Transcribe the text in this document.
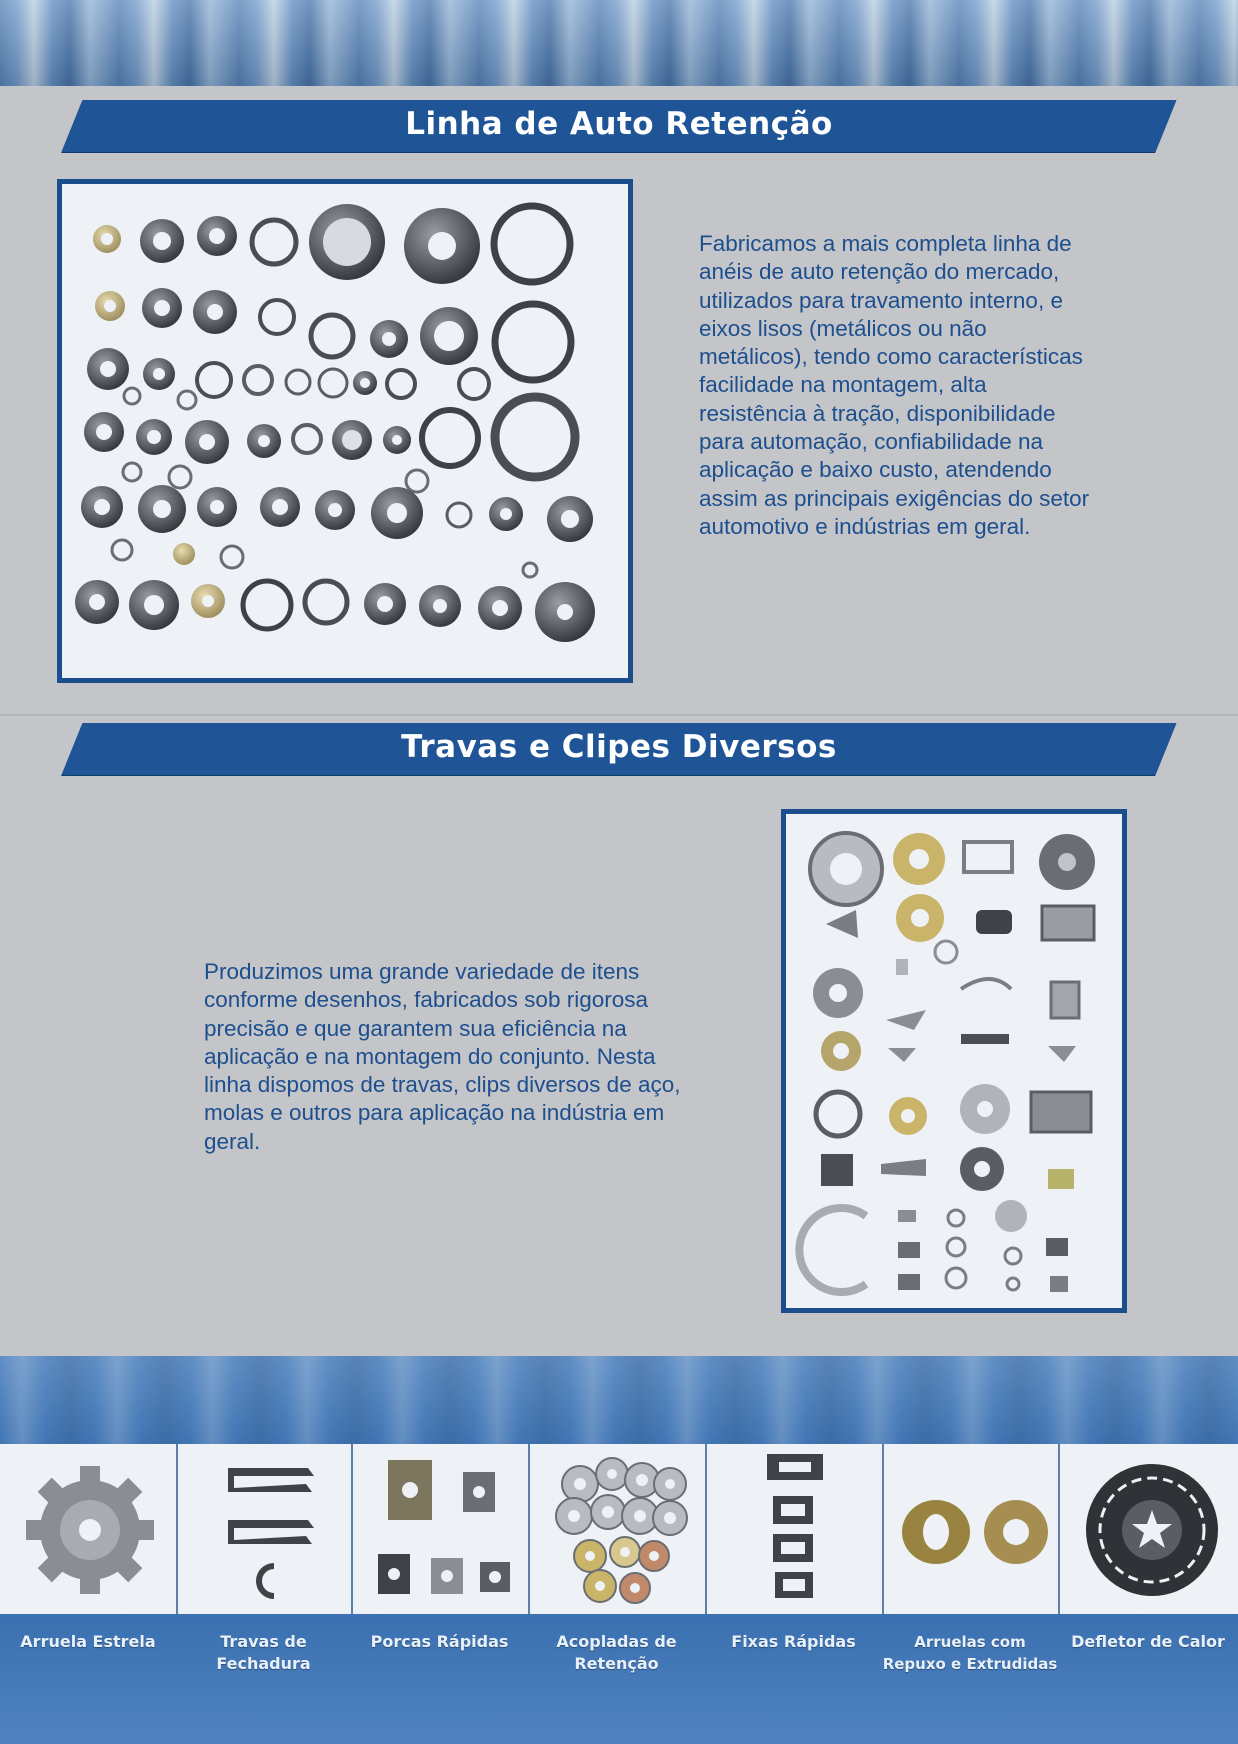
Linha de Auto Retenção
Fabricamos a mais completa linha de anéis de auto retenção do mercado, utilizados para travamento interno, e eixos lisos (metálicos ou não metálicos), tendo como características facilidade na montagem, alta resistência à tração, disponibilidade para automação, confiabilidade na aplicação e baixo custo, atendendo assim as principais exigências do setor automotivo e indústrias em geral.
Travas e Clipes Diversos
Produzimos uma grande variedade de itens conforme desenhos, fabricados sob rigorosa precisão e que garantem sua eficiência na aplicação e na montagem do conjunto. Nesta linha dispomos de travas, clips diversos de aço, molas e outros para aplicação na indústria em geral.
Arruela Estrela	Travas de
Fechadura
Porcas Rápidas	Acopladas de
Retenção
Fixas Rápidas	Arruelas com
Repuxo e Extrudidas
Defletor de Calor
